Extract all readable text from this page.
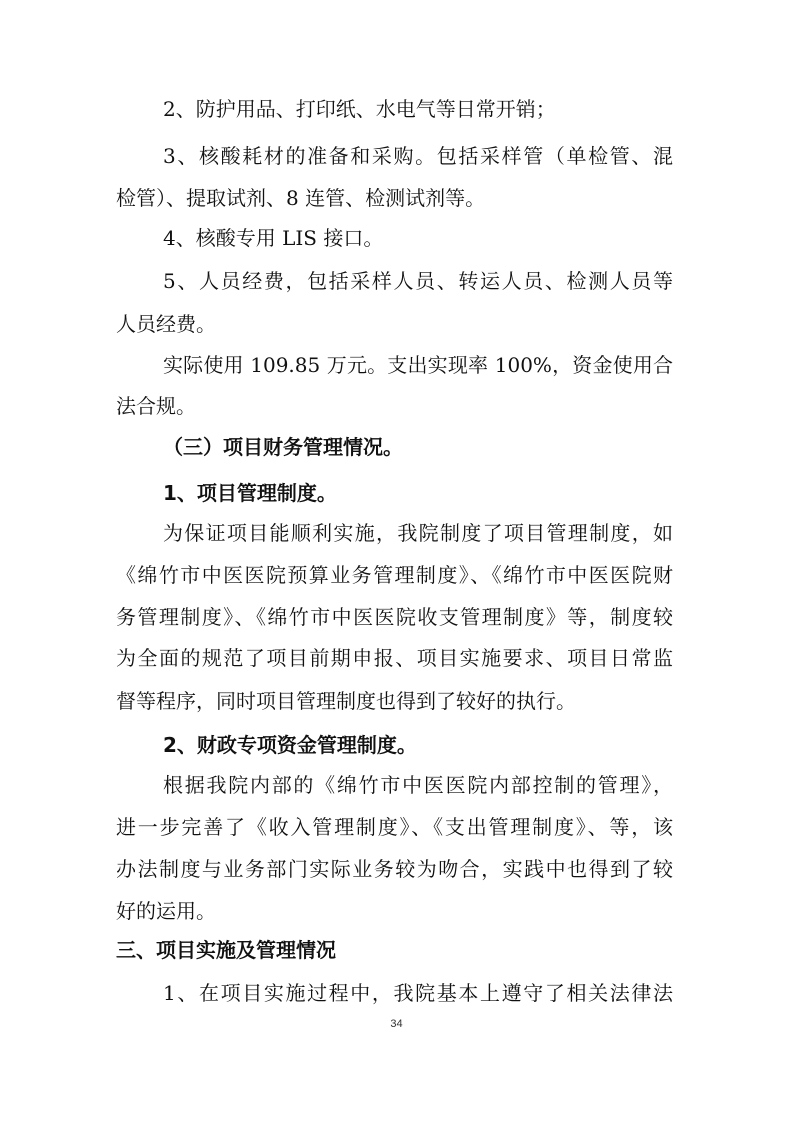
2、防护用品、打印纸、水电气等日常开销；
3、核酸耗材的准备和采购。包括采样管（单检管、混
检管）、提取试剂、8 连管、检测试剂等。
4、核酸专用 LIS 接口。
5、人员经费，包括采样人员、转运人员、检测人员等
人员经费。
实际使用 109.85 万元。支出实现率 100%，资金使用合
法合规。
（三）项目财务管理情况。
1、项目管理制度。
为保证项目能顺利实施，我院制度了项目管理制度，如
《绵竹市中医医院预算业务管理制度》、《绵竹市中医医院财
务管理制度》、《绵竹市中医医院收支管理制度》等，制度较
为全面的规范了项目前期申报、项目实施要求、项目日常监
督等程序，同时项目管理制度也得到了较好的执行。
2、财政专项资金管理制度。
根据我院内部的《绵竹市中医医院内部控制的管理》，
进一步完善了《收入管理制度》、《支出管理制度》、等，该
办法制度与业务部门实际业务较为吻合，实践中也得到了较
好的运用。
三、项目实施及管理情况
1、在项目实施过程中，我院基本上遵守了相关法律法
34
